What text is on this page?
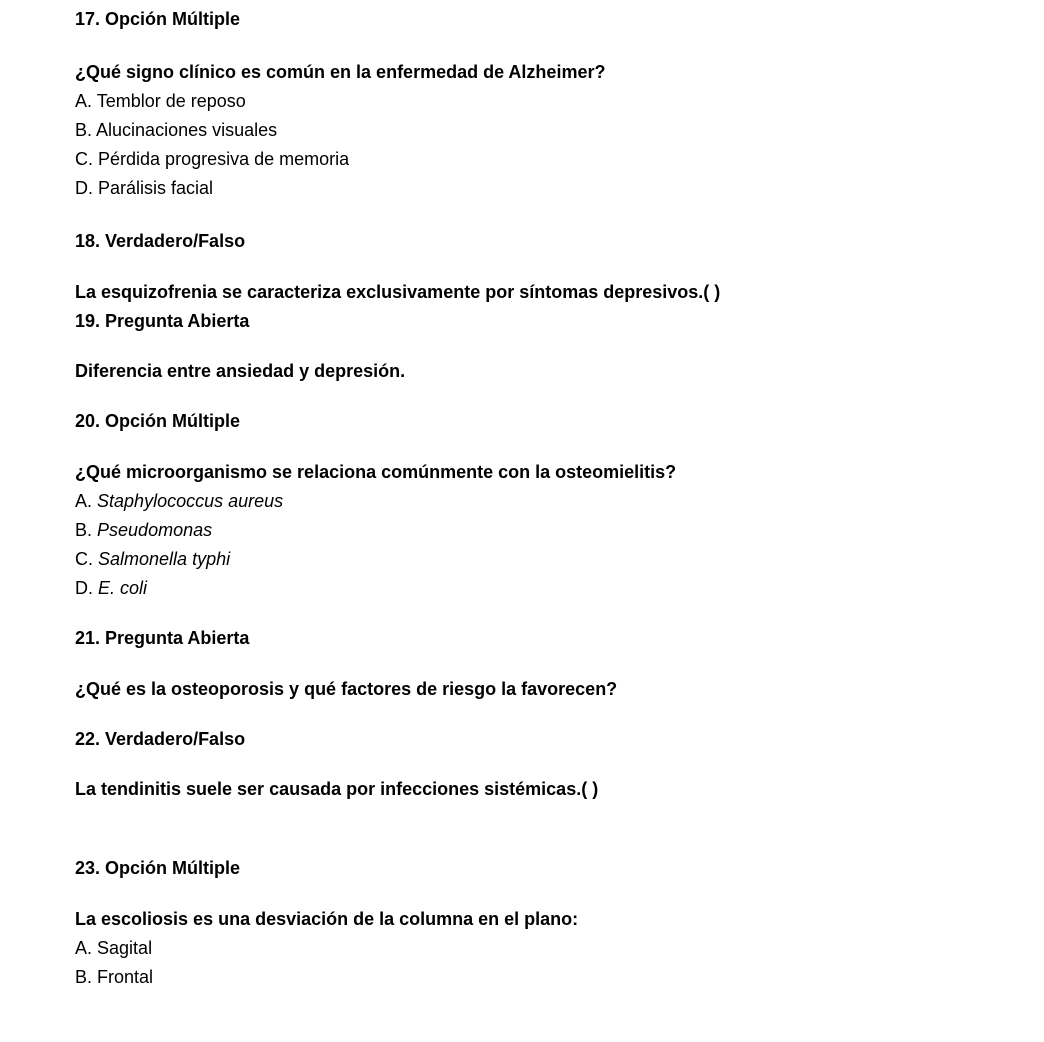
17. Opción Múltiple
¿Qué signo clínico es común en la enfermedad de Alzheimer?
A. Temblor de reposo
B. Alucinaciones visuales
C. Pérdida progresiva de memoria
D. Parálisis facial
18. Verdadero/Falso
La esquizofrenia se caracteriza exclusivamente por síntomas depresivos.( )
19. Pregunta Abierta
Diferencia entre ansiedad y depresión.
20. Opción Múltiple
¿Qué microorganismo se relaciona comúnmente con la osteomielitis?
A. Staphylococcus aureus
B. Pseudomonas
C. Salmonella typhi
D. E. coli
21. Pregunta Abierta
¿Qué es la osteoporosis y qué factores de riesgo la favorecen?
22. Verdadero/Falso
La tendinitis suele ser causada por infecciones sistémicas.( )
23. Opción Múltiple
La escoliosis es una desviación de la columna en el plano:
A. Sagital
B. Frontal
